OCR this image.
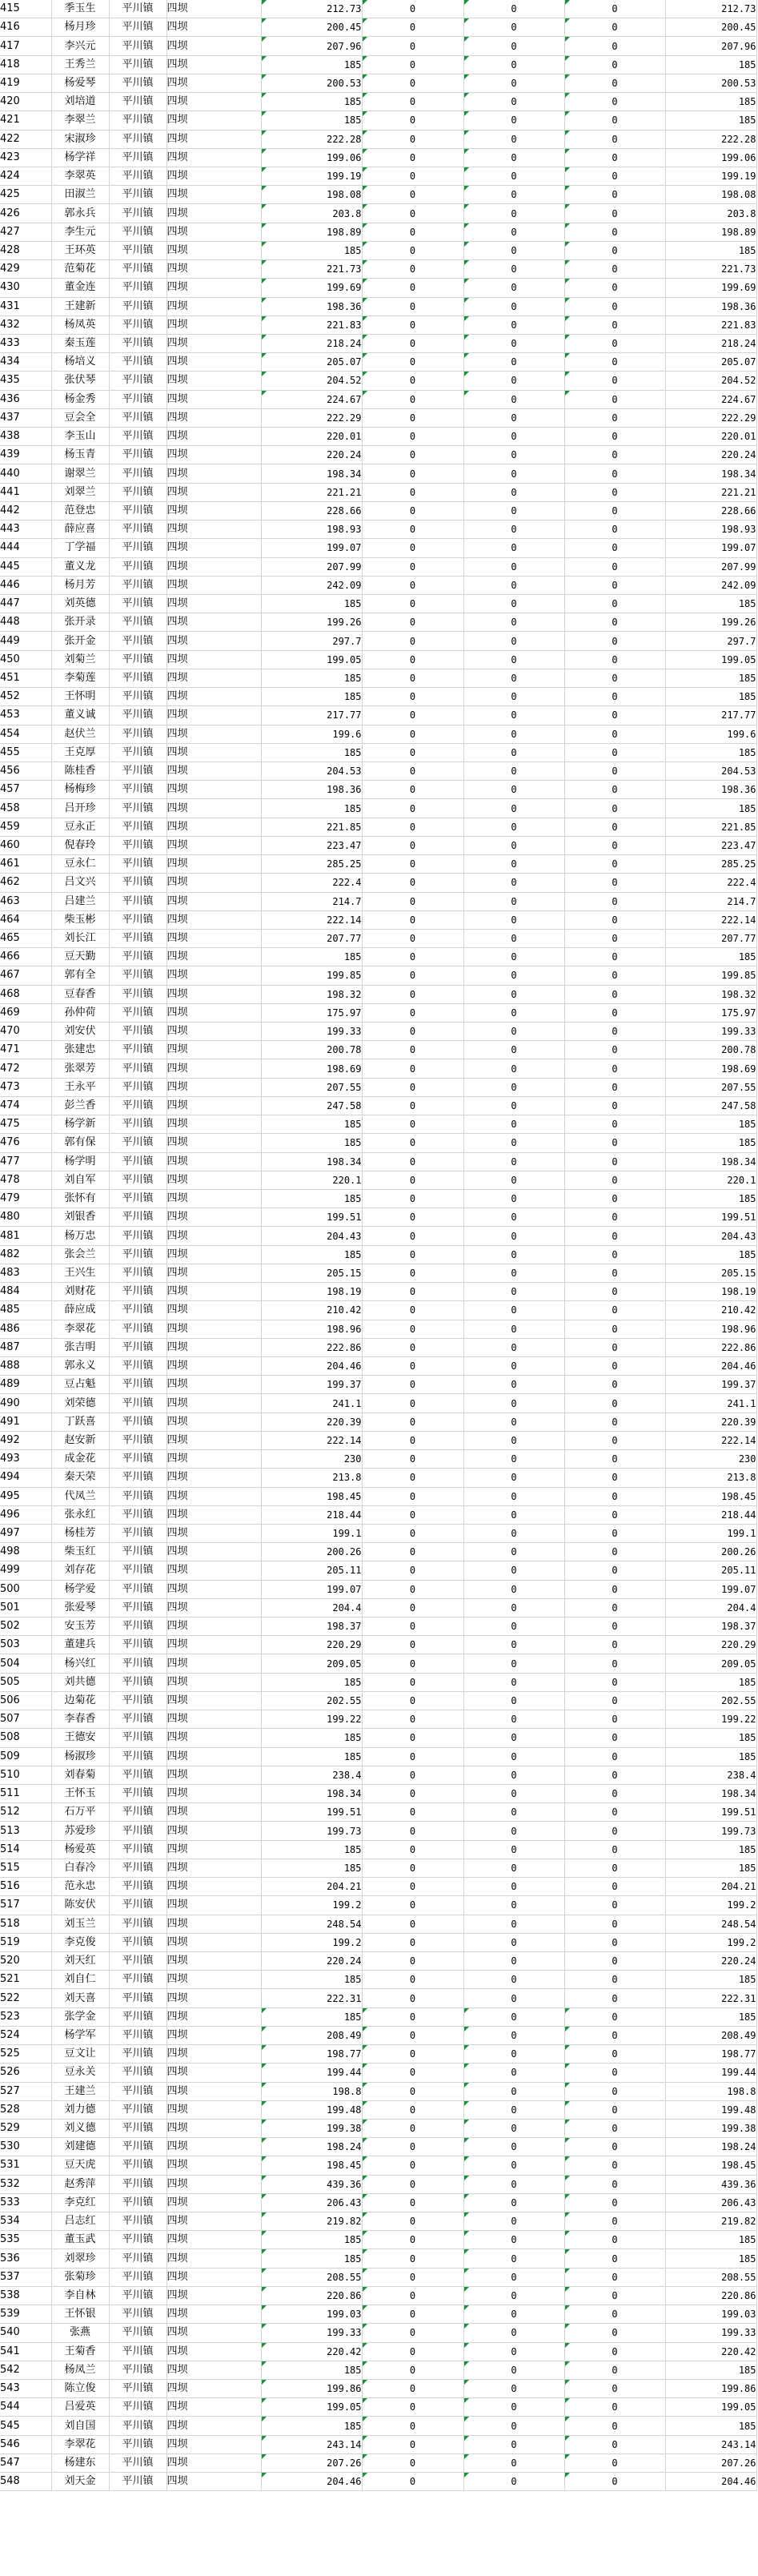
415	季玉生	平川镇	四坝	212.73	0	0	0	212.73
416	杨月珍	平川镇	四坝	200.45	0	0	0	200.45
417	李兴元	平川镇	四坝	207.96	0	0	0	207.96
418	王秀兰	平川镇	四坝	185	0	0	0	185
419	杨爱琴	平川镇	四坝	200.53	0	0	0	200.53
420	刘培道	平川镇	四坝	185	0	0	0	185
421	李翠兰	平川镇	四坝	185	0	0	0	185
422	宋淑珍	平川镇	四坝	222.28	0	0	0	222.28
423	杨学祥	平川镇	四坝	199.06	0	0	0	199.06
424	李翠英	平川镇	四坝	199.19	0	0	0	199.19
425	田淑兰	平川镇	四坝	198.08	0	0	0	198.08
426	郭永兵	平川镇	四坝	203.8	0	0	0	203.8
427	李生元	平川镇	四坝	198.89	0	0	0	198.89
428	王环英	平川镇	四坝	185	0	0	0	185
429	范菊花	平川镇	四坝	221.73	0	0	0	221.73
430	董金连	平川镇	四坝	199.69	0	0	0	199.69
431	王建新	平川镇	四坝	198.36	0	0	0	198.36
432	杨凤英	平川镇	四坝	221.83	0	0	0	221.83
433	秦玉莲	平川镇	四坝	218.24	0	0	0	218.24
434	杨培义	平川镇	四坝	205.07	0	0	0	205.07
435	张伏琴	平川镇	四坝	204.52	0	0	0	204.52
436	杨金秀	平川镇	四坝	224.67	0	0	0	224.67
437	豆会全	平川镇	四坝	222.29	0	0	0	222.29
438	李玉山	平川镇	四坝	220.01	0	0	0	220.01
439	杨玉青	平川镇	四坝	220.24	0	0	0	220.24
440	谢翠兰	平川镇	四坝	198.34	0	0	0	198.34
441	刘翠兰	平川镇	四坝	221.21	0	0	0	221.21
442	范登忠	平川镇	四坝	228.66	0	0	0	228.66
443	薛应喜	平川镇	四坝	198.93	0	0	0	198.93
444	丁学福	平川镇	四坝	199.07	0	0	0	199.07
445	董义龙	平川镇	四坝	207.99	0	0	0	207.99
446	杨月芳	平川镇	四坝	242.09	0	0	0	242.09
447	刘英德	平川镇	四坝	185	0	0	0	185
448	张开录	平川镇	四坝	199.26	0	0	0	199.26
449	张开金	平川镇	四坝	297.7	0	0	0	297.7
450	刘菊兰	平川镇	四坝	199.05	0	0	0	199.05
451	李菊莲	平川镇	四坝	185	0	0	0	185
452	王怀明	平川镇	四坝	185	0	0	0	185
453	董义诚	平川镇	四坝	217.77	0	0	0	217.77
454	赵伏兰	平川镇	四坝	199.6	0	0	0	199.6
455	王克厚	平川镇	四坝	185	0	0	0	185
456	陈桂香	平川镇	四坝	204.53	0	0	0	204.53
457	杨梅珍	平川镇	四坝	198.36	0	0	0	198.36
458	吕开珍	平川镇	四坝	185	0	0	0	185
459	豆永正	平川镇	四坝	221.85	0	0	0	221.85
460	倪春玲	平川镇	四坝	223.47	0	0	0	223.47
461	豆永仁	平川镇	四坝	285.25	0	0	0	285.25
462	吕文兴	平川镇	四坝	222.4	0	0	0	222.4
463	吕建兰	平川镇	四坝	214.7	0	0	0	214.7
464	柴玉彬	平川镇	四坝	222.14	0	0	0	222.14
465	刘长江	平川镇	四坝	207.77	0	0	0	207.77
466	豆天勤	平川镇	四坝	185	0	0	0	185
467	郭有全	平川镇	四坝	199.85	0	0	0	199.85
468	豆春香	平川镇	四坝	198.32	0	0	0	198.32
469	孙仲荷	平川镇	四坝	175.97	0	0	0	175.97
470	刘安伏	平川镇	四坝	199.33	0	0	0	199.33
471	张建忠	平川镇	四坝	200.78	0	0	0	200.78
472	张翠芳	平川镇	四坝	198.69	0	0	0	198.69
473	王永平	平川镇	四坝	207.55	0	0	0	207.55
474	彭兰香	平川镇	四坝	247.58	0	0	0	247.58
475	杨学新	平川镇	四坝	185	0	0	0	185
476	郭有保	平川镇	四坝	185	0	0	0	185
477	杨学明	平川镇	四坝	198.34	0	0	0	198.34
478	刘自军	平川镇	四坝	220.1	0	0	0	220.1
479	张怀有	平川镇	四坝	185	0	0	0	185
480	刘银香	平川镇	四坝	199.51	0	0	0	199.51
481	杨万忠	平川镇	四坝	204.43	0	0	0	204.43
482	张会兰	平川镇	四坝	185	0	0	0	185
483	王兴生	平川镇	四坝	205.15	0	0	0	205.15
484	刘财花	平川镇	四坝	198.19	0	0	0	198.19
485	薛应成	平川镇	四坝	210.42	0	0	0	210.42
486	李翠花	平川镇	四坝	198.96	0	0	0	198.96
487	张吉明	平川镇	四坝	222.86	0	0	0	222.86
488	郭永义	平川镇	四坝	204.46	0	0	0	204.46
489	豆占魁	平川镇	四坝	199.37	0	0	0	199.37
490	刘荣德	平川镇	四坝	241.1	0	0	0	241.1
491	丁跃喜	平川镇	四坝	220.39	0	0	0	220.39
492	赵安新	平川镇	四坝	222.14	0	0	0	222.14
493	成金花	平川镇	四坝	230	0	0	0	230
494	秦天荣	平川镇	四坝	213.8	0	0	0	213.8
495	代凤兰	平川镇	四坝	198.45	0	0	0	198.45
496	张永红	平川镇	四坝	218.44	0	0	0	218.44
497	杨桂芳	平川镇	四坝	199.1	0	0	0	199.1
498	柴玉红	平川镇	四坝	200.26	0	0	0	200.26
499	刘存花	平川镇	四坝	205.11	0	0	0	205.11
500	杨学爱	平川镇	四坝	199.07	0	0	0	199.07
501	张爱琴	平川镇	四坝	204.4	0	0	0	204.4
502	安玉芳	平川镇	四坝	198.37	0	0	0	198.37
503	董建兵	平川镇	四坝	220.29	0	0	0	220.29
504	杨兴红	平川镇	四坝	209.05	0	0	0	209.05
505	刘共德	平川镇	四坝	185	0	0	0	185
506	边菊花	平川镇	四坝	202.55	0	0	0	202.55
507	李春香	平川镇	四坝	199.22	0	0	0	199.22
508	王德安	平川镇	四坝	185	0	0	0	185
509	杨淑珍	平川镇	四坝	185	0	0	0	185
510	刘春菊	平川镇	四坝	238.4	0	0	0	238.4
511	王怀玉	平川镇	四坝	198.34	0	0	0	198.34
512	石万平	平川镇	四坝	199.51	0	0	0	199.51
513	苏爱珍	平川镇	四坝	199.73	0	0	0	199.73
514	杨爱英	平川镇	四坝	185	0	0	0	185
515	白春冷	平川镇	四坝	185	0	0	0	185
516	范永忠	平川镇	四坝	204.21	0	0	0	204.21
517	陈安伏	平川镇	四坝	199.2	0	0	0	199.2
518	刘玉兰	平川镇	四坝	248.54	0	0	0	248.54
519	李克俊	平川镇	四坝	199.2	0	0	0	199.2
520	刘天红	平川镇	四坝	220.24	0	0	0	220.24
521	刘自仁	平川镇	四坝	185	0	0	0	185
522	刘天喜	平川镇	四坝	222.31	0	0	0	222.31
523	张学金	平川镇	四坝	185	0	0	0	185
524	杨学军	平川镇	四坝	208.49	0	0	0	208.49
525	豆文让	平川镇	四坝	198.77	0	0	0	198.77
526	豆永关	平川镇	四坝	199.44	0	0	0	199.44
527	王建兰	平川镇	四坝	198.8	0	0	0	198.8
528	刘力德	平川镇	四坝	199.48	0	0	0	199.48
529	刘义德	平川镇	四坝	199.38	0	0	0	199.38
530	刘建德	平川镇	四坝	198.24	0	0	0	198.24
531	豆天虎	平川镇	四坝	198.45	0	0	0	198.45
532	赵秀萍	平川镇	四坝	439.36	0	0	0	439.36
533	李克红	平川镇	四坝	206.43	0	0	0	206.43
534	吕志红	平川镇	四坝	219.82	0	0	0	219.82
535	董玉武	平川镇	四坝	185	0	0	0	185
536	刘翠珍	平川镇	四坝	185	0	0	0	185
537	张菊珍	平川镇	四坝	208.55	0	0	0	208.55
538	李自林	平川镇	四坝	220.86	0	0	0	220.86
539	王怀银	平川镇	四坝	199.03	0	0	0	199.03
540	张燕	平川镇	四坝	199.33	0	0	0	199.33
541	王菊香	平川镇	四坝	220.42	0	0	0	220.42
542	杨凤兰	平川镇	四坝	185	0	0	0	185
543	陈立俊	平川镇	四坝	199.86	0	0	0	199.86
544	吕爱英	平川镇	四坝	199.05	0	0	0	199.05
545	刘自国	平川镇	四坝	185	0	0	0	185
546	李翠花	平川镇	四坝	243.14	0	0	0	243.14
547	杨建东	平川镇	四坝	207.26	0	0	0	207.26
548	刘天金	平川镇	四坝	204.46	0	0	0	204.46
